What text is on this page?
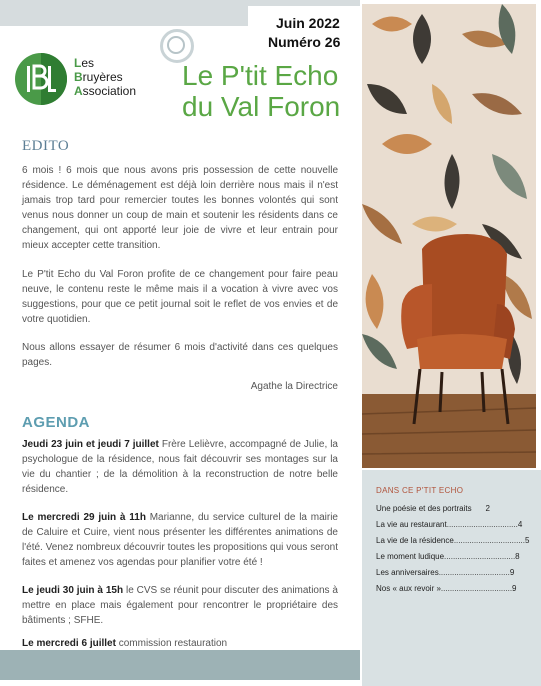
Juin 2022
Numéro 26
Les
Bruyères
Association Le P'tit Echo
du Val Foron
EDITO

6 mois ! 6 mois que nous avons pris possession de cette nouvelle résidence. Le déménagement est déjà loin derrière nous mais il n'est jamais trop tard pour remercier toutes les bonnes volontés qui sont venus nous donner un coup de main et soutenir les résidents dans ce changement, qui ont apporté leur joie de vivre et leur entrain pour mieux accepter cette transition.

Le P'tit Echo du Val Foron profite de ce changement pour faire peau neuve, le contenu reste le même mais il a vocation à vivre avec vos suggestions, pour que ce petit journal soit le reflet de vos envies et de votre quotidien.

Nous allons essayer de résumer 6 mois d'activité dans ces quelques pages.

Agathe la Directrice
AGENDA

Jeudi 23 juin et jeudi 7 juillet Frère Lelièvre, accompagné de Julie, la psychologue de la résidence, nous fait découvrir ses montages sur la vie du chantier ; de la démolition à la reconstruction de notre belle résidence.

Le mercredi 29 juin à 11h Marianne, du service culturel de la mairie de Caluire et Cuire, vient nous présenter les différentes animations de l'été. Venez nombreux découvrir toutes les propositions qui vous seront faites et amenez vos agendas pour planifier votre été !

Le jeudi 30 juin à 15h le CVS se réunit pour discuter des animations à mettre en place mais également pour rencontrer le propriétaire des bâtiments ; SFHE.

Le mercredi 6 juillet commission restauration

DANS CE P'TIT ECHO
Une poésie et des portraits 2
La vie au restaurant ................................ 4
La vie de la résidence ................................ 5
Le moment ludique ................................ 8
Les anniversaires ................................ 9
Nos « aux revoir » ................................ 9
